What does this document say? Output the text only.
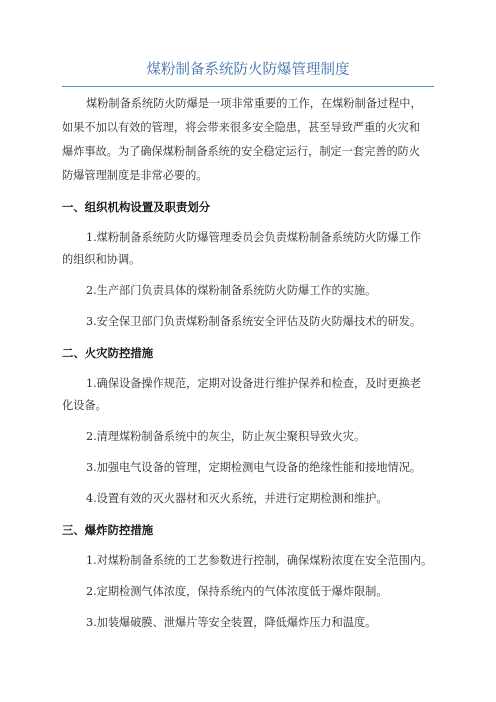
煤粉制备系统防火防爆管理制度
煤粉制备系统防火防爆是一项非常重要的工作，在煤粉制备过程中，
如果不加以有效的管理，将会带来很多安全隐患，甚至导致严重的火灾和
爆炸事故。为了确保煤粉制备系统的安全稳定运行，制定一套完善的防火
防爆管理制度是非常必要的。
一、组织机构设置及职责划分
1.煤粉制备系统防火防爆管理委员会负责煤粉制备系统防火防爆工作
的组织和协调。
2.生产部门负责具体的煤粉制备系统防火防爆工作的实施。
3.安全保卫部门负责煤粉制备系统安全评估及防火防爆技术的研发。
二、火灾防控措施
1.确保设备操作规范，定期对设备进行维护保养和检查，及时更换老
化设备。
2.清理煤粉制备系统中的灰尘，防止灰尘聚积导致火灾。
3.加强电气设备的管理，定期检测电气设备的绝缘性能和接地情况。
4.设置有效的灭火器材和灭火系统，并进行定期检测和维护。
三、爆炸防控措施
1.对煤粉制备系统的工艺参数进行控制，确保煤粉浓度在安全范围内。
2.定期检测气体浓度，保持系统内的气体浓度低于爆炸限制。
3.加装爆破膜、泄爆片等安全装置，降低爆炸压力和温度。
